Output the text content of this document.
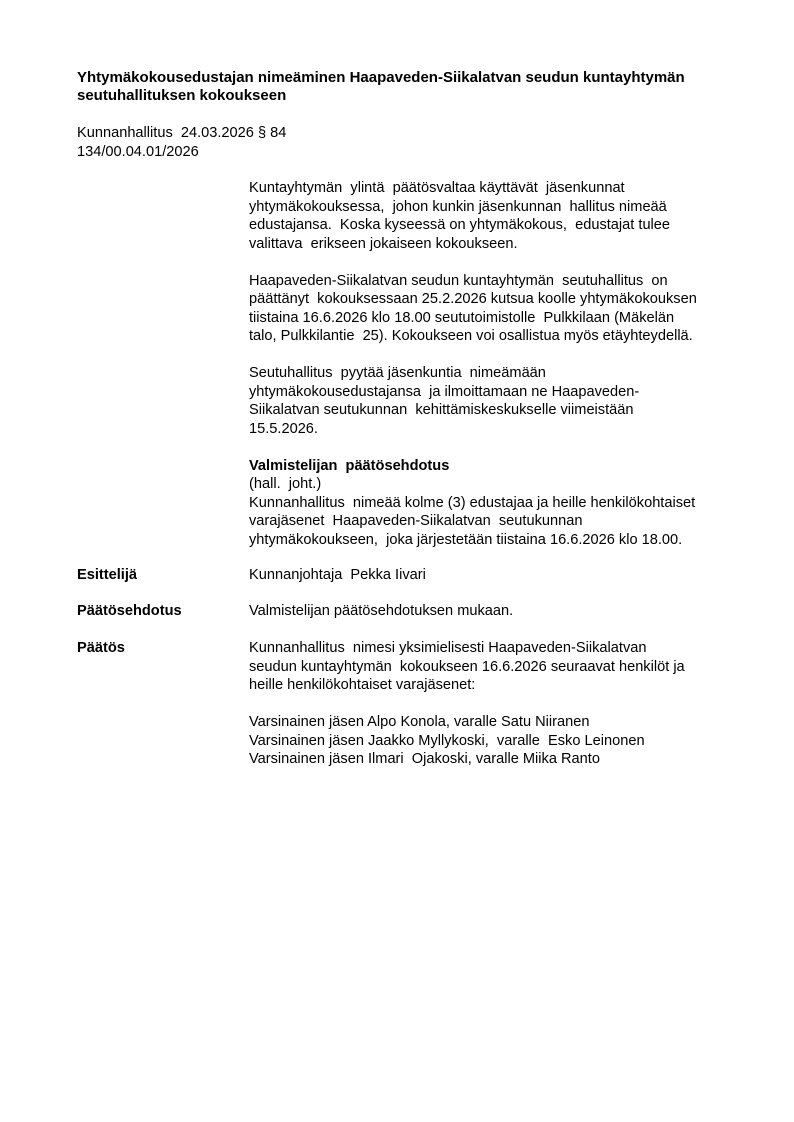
Yhtymäkokousedustajan nimeäminen Haapaveden-Siikalatvan seudun kuntayhtymän
seutuhallituksen kokoukseen
Kunnanhallitus  24.03.2026 § 84
134/00.04.01/2026
Kuntayhtymän  ylintä  päätösvaltaa käyttävät  jäsenkunnat
yhtymäkokouksessa,  johon kunkin jäsenkunnan  hallitus nimeää
edustajansa.  Koska kyseessä on yhtymäkokous,  edustajat tulee
valittava  erikseen jokaiseen kokoukseen.
Haapaveden-Siikalatvan seudun kuntayhtymän  seutuhallitus  on
päättänyt  kokouksessaan 25.2.2026 kutsua koolle yhtymäkokouksen
tiistaina 16.6.2026 klo 18.00 seututoimistolle  Pulkkilaan (Mäkelän
talo, Pulkkilantie  25). Kokoukseen voi osallistua myös etäyhteydellä.
Seutuhallitus  pyytää jäsenkuntia  nimeämään
yhtymäkokousedustajansa  ja ilmoittamaan ne Haapaveden-
Siikalatvan seutukunnan  kehittämiskeskukselle viimeistään
15.5.2026.
Valmistelijan  päätösehdotus
(hall.  joht.)
Kunnanhallitus  nimeää kolme (3) edustajaa ja heille henkilökohtaiset
varajäsenet  Haapaveden-Siikalatvan  seutukunnan
yhtymäkokoukseen,  joka järjestetään tiistaina 16.6.2026 klo 18.00.
Esittelijä	Kunnanjohtaja  Pekka Iivari
Päätösehdotus	Valmistelijan päätösehdotuksen mukaan.
Päätös	Kunnanhallitus  nimesi yksimielisesti Haapaveden-Siikalatvan
seudun kuntayhtymän  kokoukseen 16.6.2026 seuraavat henkilöt ja
heille henkilökohtaiset varajäsenet:
Varsinainen jäsen Alpo Konola, varalle Satu Niiranen
Varsinainen jäsen Jaakko Myllykoski,  varalle  Esko Leinonen
Varsinainen jäsen Ilmari  Ojakoski, varalle Miika Ranto
